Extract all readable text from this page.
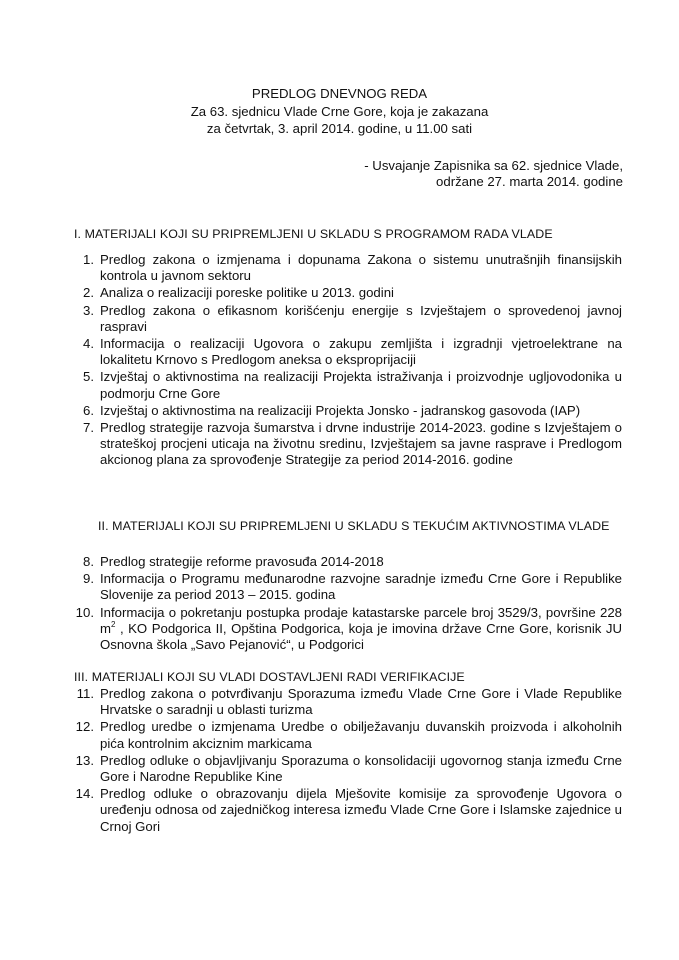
PREDLOG DNEVNOG REDA
Za 63. sjednicu Vlade Crne Gore, koja je zakazana
za četvrtak, 3. april 2014. godine, u 11.00 sati
- Usvajanje Zapisnika sa 62. sjednice Vlade,
održane 27. marta 2014. godine
I. MATERIJALI KOJI SU PRIPREMLJENI U SKLADU S PROGRAMOM RADA VLADE
1. Predlog zakona o izmjenama i dopunama Zakona o sistemu unutrašnjih finansijskih kontrola u javnom sektoru
2. Analiza o realizaciji poreske politike u 2013. godini
3. Predlog zakona o efikasnom korišćenju energije s Izvještajem o sprovedenoj javnoj raspravi
4. Informacija o realizaciji Ugovora o zakupu zemljišta i izgradnji vjetroelektrane na lokalitetu Krnovo s Predlogom aneksa o eksproprijaciji
5. Izvještaj o aktivnostima na realizaciji Projekta istraživanja i proizvodnje ugljovodonika u podmorju Crne Gore
6. Izvještaj o aktivnostima na realizaciji Projekta Jonsko - jadranskog gasovoda (IAP)
7. Predlog strategije razvoja šumarstva i drvne industrije 2014-2023. godine s Izvještajem o strateškoj procjeni uticaja na životnu sredinu, Izvještajem sa javne rasprave i Predlogom akcionog plana za sprovođenje Strategije za period 2014-2016. godine
II. MATERIJALI KOJI SU PRIPREMLJENI U SKLADU S TEKUĆIM AKTIVNOSTIMA VLADE
8. Predlog strategije reforme pravosuđa 2014-2018
9. Informacija o Programu međunarodne razvojne saradnje između Crne Gore i Republike Slovenije za period 2013 – 2015. godina
10. Informacija o pokretanju postupka prodaje katastarske parcele broj 3529/3, površine 228 $m^2$ , KO Podgorica II, Opština Podgorica, koja je imovina države Crne Gore, korisnik JU Osnovna škola „Savo Pejanović“, u Podgorici
III. MATERIJALI KOJI SU VLADI DOSTAVLJENI RADI VERIFIKACIJE
11. Predlog zakona o potvrđivanju Sporazuma između Vlade Crne Gore i Vlade Republike Hrvatske o saradnji u oblasti turizma
12. Predlog uredbe o izmjenama Uredbe o obilježavanju duvanskih proizvoda i alkoholnih pića kontrolnim akciznim markicama
13. Predlog odluke o objavljivanju Sporazuma o konsolidaciji ugovornog stanja između Crne Gore i Narodne Republike Kine
14. Predlog odluke o obrazovanju dijela Mješovite komisije za sprovođenje Ugovora o uređenju odnosa od zajedničkog interesa između Vlade Crne Gore i Islamske zajednice u Crnoj Gori
